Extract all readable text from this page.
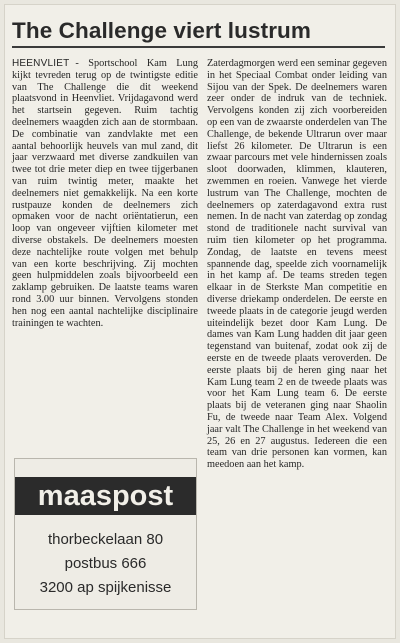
The Challenge viert lustrum

HEENVLIET - Sportschool Kam Lung kijkt tevreden terug op de twintigste editie van The Challenge die dit weekend plaatsvond in Heenvliet. Vrijdagavond werd het startsein gegeven. Ruim tachtig deelnemers waagden zich aan de stormbaan. De combinatie van zandvlakte met een aantal behoorlijk heuvels van mul zand, dit jaar verzwaard met diverse zandkuilen van twee tot drie meter diep en twee tijgerbanen van ruim twintig meter, maakte het deelnemers niet gemakkelijk. Na een korte rustpauze konden de deelnemers zich opmaken voor de nacht oriëntatierun, een loop van ongeveer vijftien kilometer met diverse obstakels. De deelnemers moesten deze nachtelijke route volgen met behulp van een korte beschrijving. Zij mochten geen hulpmiddelen zoals bijvoorbeeld een zaklamp gebruiken. De laatste teams waren rond 3.00 uur binnen. Vervolgens stonden hen nog een aantal nachtelijke disciplinaire trainingen te wachten.

Zaterdagmorgen werd een seminar gegeven in het Speciaal Combat onder leiding van Sijou van der Spek. De deelnemers waren zeer onder de indruk van de techniek. Vervolgens konden zij zich voorbereiden op een van de zwaarste onderdelen van The Challenge, de bekende Ultrarun over maar liefst 26 kilometer. De Ultrarun is een zwaar parcours met vele hindernissen zoals sloot doorwaden, klimmen, klauteren, zwemmen en roeien. Vanwege het vierde lustrum van The Challenge, mochten de deelnemers op zaterdagavond extra rust nemen. In de nacht van zaterdag op zondag stond de traditionele nacht survival van ruim tien kilometer op het programma. Zondag, de laatste en tevens meest spannende dag, speelde zich voornamelijk in het kamp af. De teams streden tegen elkaar in de Sterkste Man competitie en diverse driekamp onderdelen. De eerste en tweede plaats in de categorie jeugd werden uiteindelijk bezet door Kam Lung. De dames van Kam Lung hadden dit jaar geen tegenstand van buitenaf, zodat ook zij de eerste en de tweede plaats veroverden. De eerste plaats bij de heren ging naar het Kam Lung team 2 en de tweede plaats was voor het Kam Lung team 6. De eerste plaats bij de veteranen ging naar Shaolin Fu, de tweede naar Team Alex. Volgend jaar valt The Challenge in het weekend van 25, 26 en 27 augustus. Iedereen die een team van drie personen kan vormen, kan meedoen aan het kamp.

maaspost
thorbeckelaan 80
postbus 666
3200 ap spijkenisse
